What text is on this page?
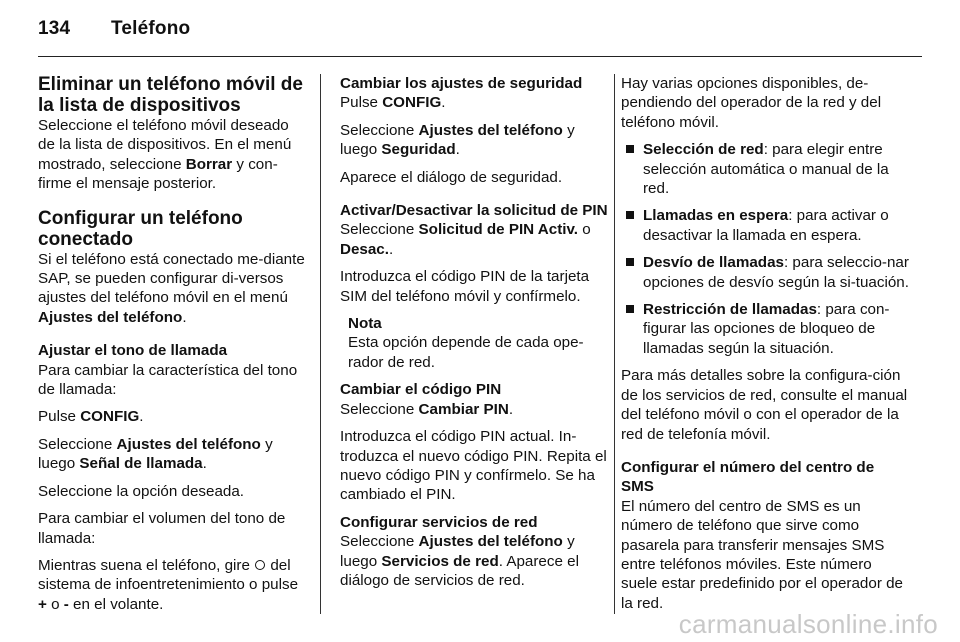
134 Teléfono
Eliminar un teléfono móvil de la lista de dispositivos

Seleccione el teléfono móvil deseado de la lista de dispositivos. En el menú mostrado, seleccione Borrar y con-firme el mensaje posterior.

Configurar un teléfono conectado

Si el teléfono está conectado me-diante SAP, se pueden configurar di-versos ajustes del teléfono móvil en el menú Ajustes del teléfono.

Ajustar el tono de llamada

Para cambiar la característica del tono de llamada:

Pulse CONFIG.

Seleccione Ajustes del teléfono y luego Señal de llamada.

Seleccione la opción deseada.

Para cambiar el volumen del tono de llamada:

Mientras suena el teléfono, gire  del sistema de infoentretenimiento o pulse + o - en el volante.

Cambiar los ajustes de seguridad

Pulse CONFIG.

Seleccione Ajustes del teléfono y luego Seguridad.

Aparece el diálogo de seguridad.

Activar/Desactivar la solicitud de PIN

Seleccione Solicitud de PIN Activ. o Desac..

Introduzca el código PIN de la tarjeta SIM del teléfono móvil y confírmelo.

Nota
Esta opción depende de cada ope-rador de red.
Cambiar el código PIN

Seleccione Cambiar PIN.

Introduzca el código PIN actual. In-troduzca el nuevo código PIN. Repita el nuevo código PIN y confírmelo. Se ha cambiado el PIN.

Configurar servicios de red

Seleccione Ajustes del teléfono y luego Servicios de red. Aparece el diálogo de servicios de red.

Hay varias opciones disponibles, de-pendiendo del operador de la red y del teléfono móvil.

Selección de red: para elegir entre selección automática o manual de la red.
Llamadas en espera: para activar o desactivar la llamada en espera.
Desvío de llamadas: para seleccio-nar opciones de desvío según la si-tuación.
Restricción de llamadas: para con-figurar las opciones de bloqueo de llamadas según la situación.

Para más detalles sobre la configura-ción de los servicios de red, consulte el manual del teléfono móvil o con el operador de la red de telefonía móvil.

Configurar el número del centro de SMS

El número del centro de SMS es un número de teléfono que sirve como pasarela para transferir mensajes SMS entre teléfonos móviles. Este número suele estar predefinido por el operador de la red.

carmanualsonline.info
